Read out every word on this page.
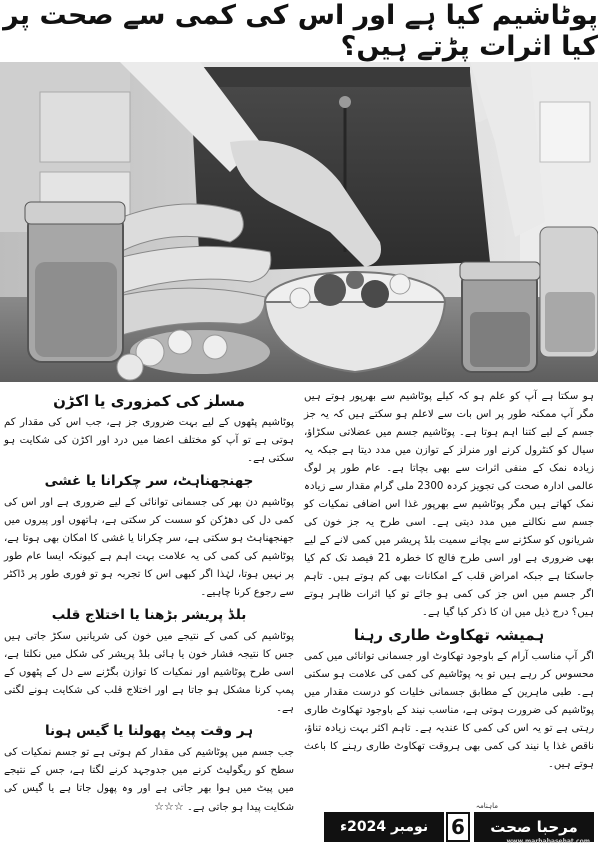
پوٹاشیم کیا ہے اور اس کی کمی سے صحت پر کیا اثرات پڑتے ہیں؟

ہو سکتا ہے آپ کو علم ہو کہ کیلے پوٹاشیم سے بھرپور ہوتے ہیں مگر آپ ممکنہ طور پر اس بات سے لاعلم ہو سکتے ہیں کہ یہ جز جسم کے لیے کتنا اہم ہوتا ہے۔ پوٹاشیم جسم میں عضلاتی سکڑاؤ، سیال کو کنٹرول کرنے اور منرلز کے توازن میں مدد دیتا ہے جبکہ یہ زیادہ نمک کے منفی اثرات سے بھی بچاتا ہے۔ عام طور پر لوگ عالمی ادارہ صحت کی تجویز کردہ 2300 ملی گرام مقدار سے زیادہ نمک کھاتے ہیں مگر پوٹاشیم سے بھرپور غذا اس اضافی نمکیات کو جسم سے نکالنے میں مدد دیتی ہے۔ اسی طرح یہ جز خون کی شریانوں کو سکڑنے سے بچانے سمیت بلڈ پریشر میں کمی لانے کے لیے بھی ضروری ہے اور اسی طرح فالج کا خطرہ 21 فیصد تک کم کیا جاسکتا ہے جبکہ امراض قلب کے امکانات بھی کم ہوتے ہیں۔ تاہم اگر جسم میں اس جز کی کمی ہو جائے تو کیا اثرات ظاہر ہوتے ہیں؟ درج ذیل میں ان کا ذکر کیا گیا ہے۔

ہمیشہ تھکاوٹ طاری رہنا

اگر آپ مناسب آرام کے باوجود تھکاوٹ اور جسمانی توانائی میں کمی محسوس کر رہے ہیں تو یہ پوٹاشیم کی کمی کی علامت ہو سکتی ہے۔ طبی ماہرین کے مطابق جسمانی خلیات کو درست مقدار میں پوٹاشیم کی ضرورت ہوتی ہے، مناسب نیند کے باوجود تھکاوٹ طاری رہتی ہے تو یہ اس کی کمی کا عندیہ ہے۔ تاہم اکثر بہت زیادہ تناؤ، ناقص غذا یا نیند کی کمی بھی ہروقت تھکاوٹ طاری رہنے کا باعث ہوتے ہیں۔

مسلز کی کمزوری یا اکڑن

پوٹاشیم پٹھوں کے لیے بہت ضروری جز ہے، جب اس کی مقدار کم ہوتی ہے تو آپ کو مختلف اعضا میں درد اور اکڑن کی شکایت ہو سکتی ہے۔

جھنجھناہٹ، سر چکرانا یا غشی

پوٹاشیم دن بھر کی جسمانی توانائی کے لیے ضروری ہے اور اس کی کمی دل کی دھڑکن کو سست کر سکتی ہے، ہاتھوں اور پیروں میں جھنجھناہٹ ہو سکتی ہے، سر چکرانا یا غشی کا امکان بھی ہوتا ہے، پوٹاشیم کی کمی کی یہ علامت بہت اہم ہے کیونکہ ایسا عام طور پر نہیں ہوتا، لہٰذا اگر کبھی اس کا تجربہ ہو تو فوری طور پر ڈاکٹر سے رجوع کرنا چاہیے۔

بلڈ پریشر بڑھنا یا اختلاج قلب

پوٹاشیم کی کمی کے نتیجے میں خون کی شریانیں سکڑ جاتی ہیں جس کا نتیجہ فشار خون یا ہائی بلڈ پریشر کی شکل میں نکلتا ہے، اسی طرح پوٹاشیم اور نمکیات کا توازن بگڑنے سے دل کے پٹھوں کے پمپ کرنا مشکل ہو جاتا ہے اور اختلاج قلب کی شکایت ہونے لگتی ہے۔

ہر وقت پیٹ پھولنا یا گیس ہونا

جب جسم میں پوٹاشیم کی مقدار کم ہوتی ہے تو جسم نمکیات کی سطح کو ریگولیٹ کرنے میں جدوجہد کرنے لگتا ہے، جس کے نتیجے میں پیٹ میں ہوا بھر جاتی ہے اور وہ پھول جاتا ہے یا گیس کی شکایت پیدا ہو جاتی ہے۔ ☆☆☆	ماہنامہ
مرحبا صحت
www.marhabasehat.com
6
نومبر 2024ء
